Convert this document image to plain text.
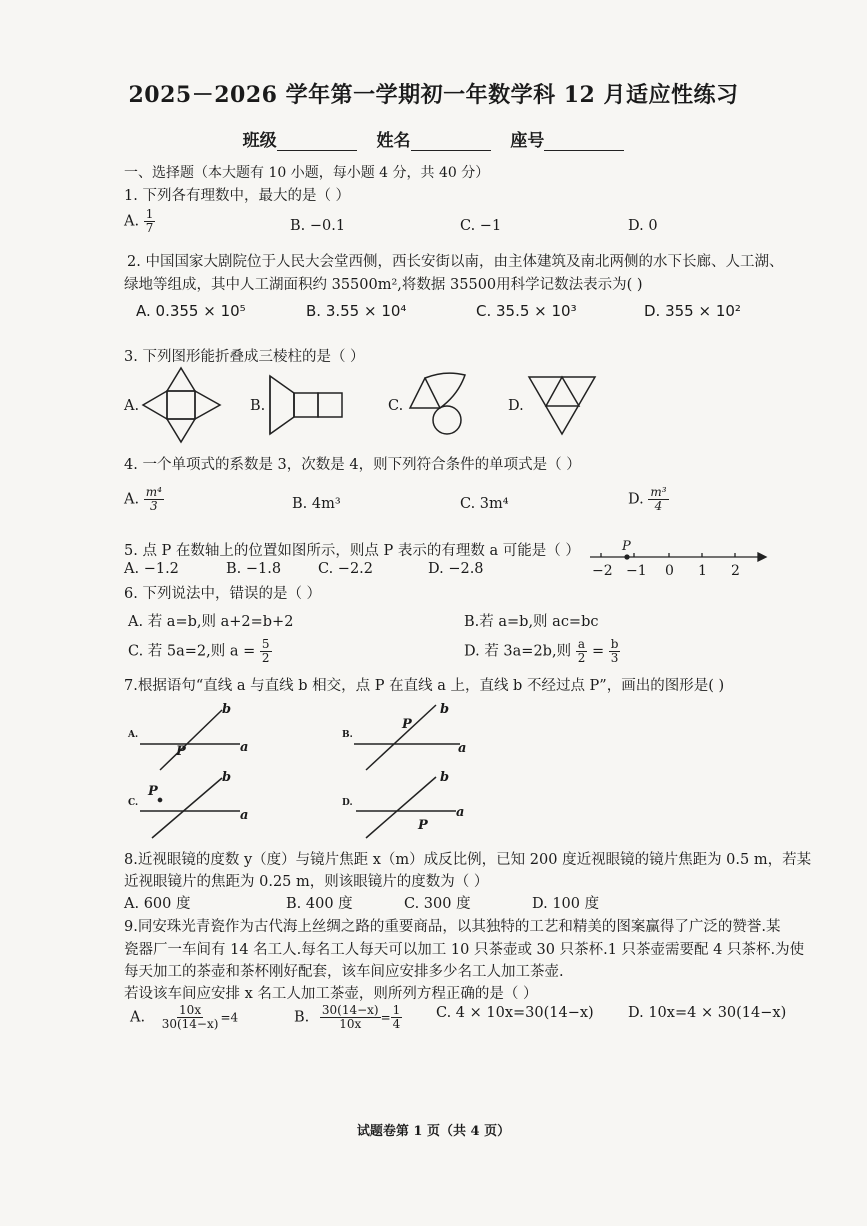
2025－2026 学年第一学期初一年数学科 12 月适应性练习
班级	姓名	座号
一、选择题（本大题有 10 小题，每小题 4 分，共 40 分）
1. 下列各有理数中，最大的是（ ）
A. $\frac{1}{7}$	B. −0.1	C. −1	D. 0
2. 中国国家大剧院位于人民大会堂西侧，西长安街以南，由主体建筑及南北两侧的水下长廊、人工湖、
绿地等组成，其中人工湖面积约 35500m²,将数据 35500用科学记数法表示为( )
A. 0.355 × 10⁵	B. 3.55 × 10⁴	C. 35.5 × 10³	D. 355 × 10²
3. 下列图形能折叠成三棱柱的是（ ）
A.	B.	C.	D.
4. 一个单项式的系数是 3，次数是 4，则下列符合条件的单项式是（ ）
A. $\frac{\text{m⁴}}{3}$	B. 4m³	C. 3m⁴	D. $\frac{\text{m³}}{4}$
5. 点 P 在数轴上的位置如图所示，则点 P 表示的有理数 a 可能是（ ）
A. −1.2	B. −1.8	C. −2.2	D. −2.8
P
−2 −1 0 1 2
6. 下列说法中，错误的是（ ）
A. 若 a=b,则 a+2=b+2	B.若 a=b,则 ac=bc
C. 若 5a=2,则 $a = \frac{5}{2}$	D. 若 3a=2b,则 $\frac{a}{2} = \frac{b}{3}$
7.根据语句“直线 a 与直线 b 相交，点 P 在直线 a 上，直线 b 不经过点 P”，画出的图形是( )
A.
b
a
P
B.
b
a
P
C.
b
a
P
D.
b
a
P
8.近视眼镜的度数 y（度）与镜片焦距 x（m）成反比例，已知 200 度近视眼镜的镜片焦距为 0.5 m，若某
近视眼镜片的焦距为 0.25 m，则该眼镜片的度数为（ ）
A. 600 度	B. 400 度	C. 300 度	D. 100 度
9.同安珠光青瓷作为古代海上丝绸之路的重要商品，以其独特的工艺和精美的图案赢得了广泛的赞誉.某
瓷器厂一车间有 14 名工人.每名工人每天可以加工 10 只茶壶或 30 只茶杯.1 只茶壶需要配 4 只茶杯.为使
每天加工的茶壶和茶杯刚好配套，该车间应安排多少名工人加工茶壶.
若设该车间应安排 x 名工人加工茶壶，则所列方程正确的是（ ）
A. $\frac{10x}{30(14-x)} =4$	B. $\frac{30(14-x)}{10x} = \frac{1}{4} C$. 4 × 10x=30(14−x) D. 10x=4 × 30(14−x)
试题卷第 1 页（共 4 页）
